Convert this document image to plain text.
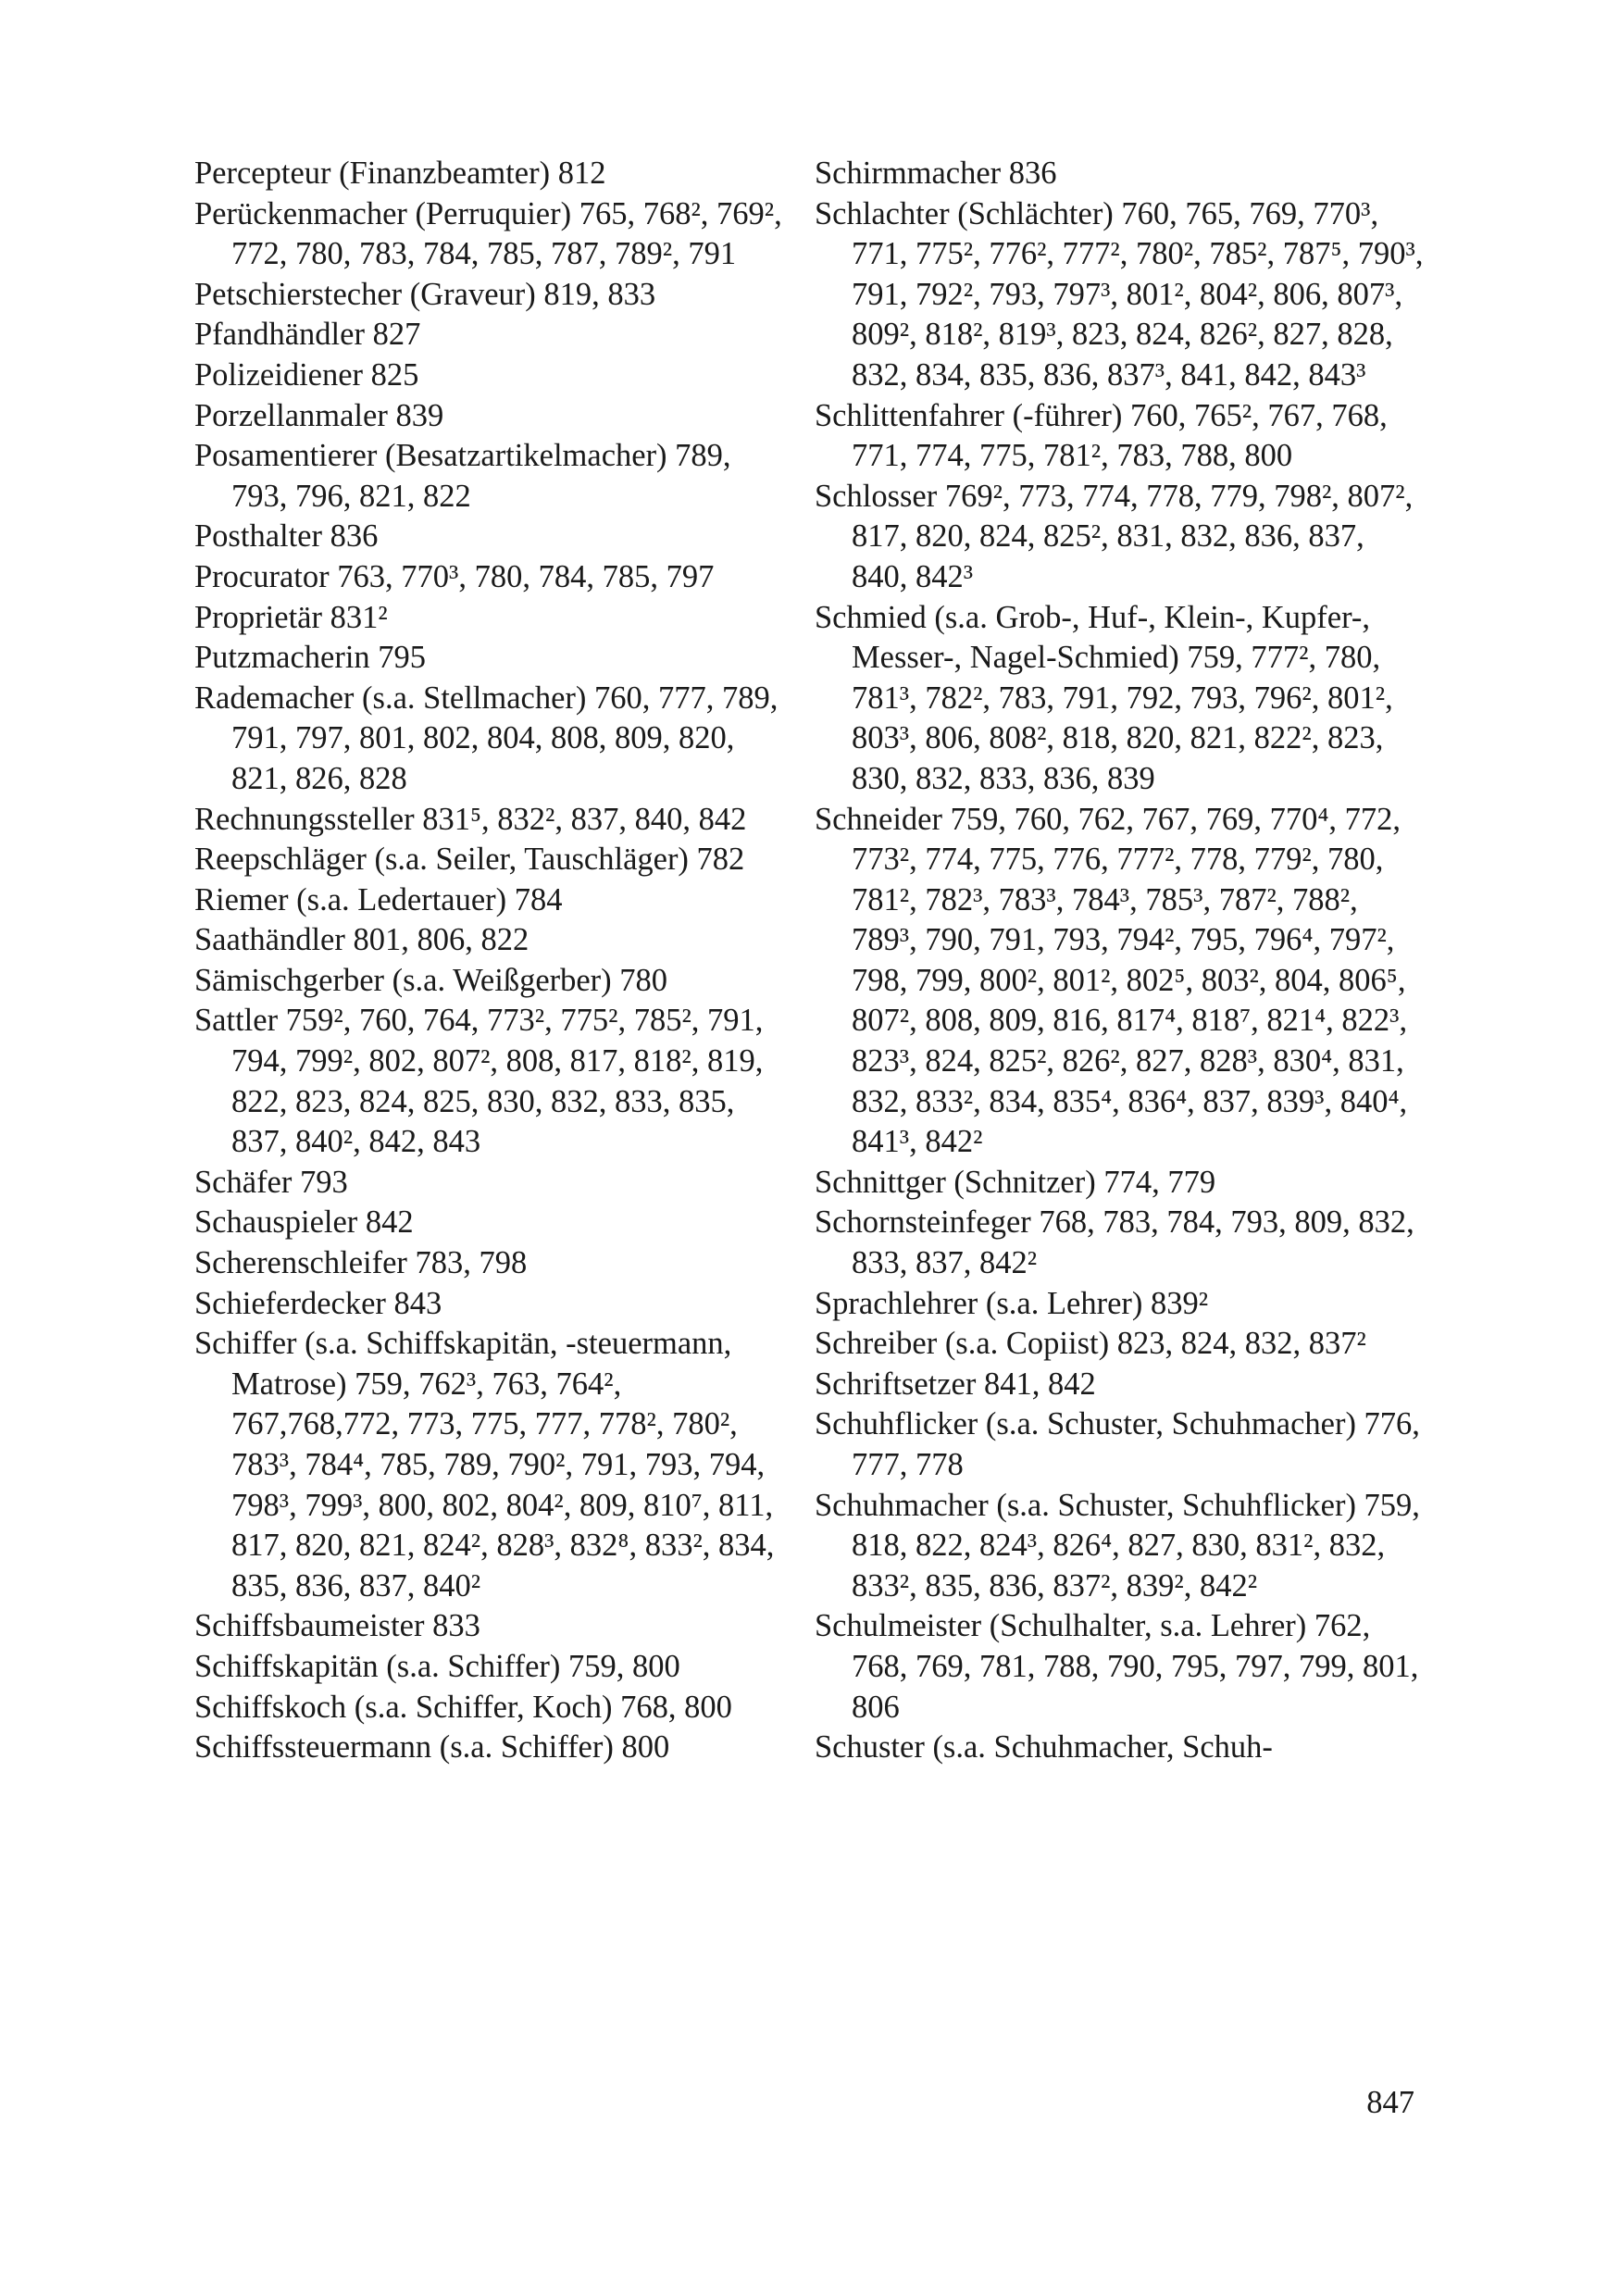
Percepteur (Finanzbeamter) 812

Perückenmacher (Perruquier) 765, 768², 769², 772, 780, 783, 784, 785, 787, 789², 791

Petschierstecher (Graveur) 819, 833

Pfandhändler 827

Polizeidiener 825

Porzellanmaler 839

Posamentierer (Besatzartikelmacher) 789, 793, 796, 821, 822

Posthalter 836

Procurator 763, 770³, 780, 784, 785, 797

Proprietär 831²

Putzmacherin 795

Rademacher (s.a. Stellmacher) 760, 777, 789, 791, 797, 801, 802, 804, 808, 809, 820, 821, 826, 828

Rechnungssteller 831⁵, 832², 837, 840, 842

Reepschläger (s.a. Seiler, Tauschläger) 782

Riemer (s.a. Ledertauer) 784

Saathändler 801, 806, 822

Sämischgerber (s.a. Weißgerber) 780

Sattler 759², 760, 764, 773², 775², 785², 791, 794, 799², 802, 807², 808, 817, 818², 819, 822, 823, 824, 825, 830, 832, 833, 835, 837, 840², 842, 843

Schäfer 793

Schauspieler 842

Scherenschleifer 783, 798

Schieferdecker 843

Schiffer (s.a. Schiffskapitän, -steuermann, Matrose) 759, 762³, 763, 764², 767,768,772, 773, 775, 777, 778², 780², 783³, 784⁴, 785, 789, 790², 791, 793, 794, 798³, 799³, 800, 802, 804², 809, 810⁷, 811, 817, 820, 821, 824², 828³, 832⁸, 833², 834, 835, 836, 837, 840²

Schiffsbaumeister 833

Schiffskapitän (s.a. Schiffer) 759, 800

Schiffskoch (s.a. Schiffer, Koch) 768, 800

Schiffssteuermann (s.a. Schiffer) 800

Schirmmacher 836

Schlachter (Schlächter) 760, 765, 769, 770³, 771, 775², 776², 777², 780², 785², 787⁵, 790³, 791, 792², 793, 797³, 801², 804², 806, 807³, 809², 818², 819³, 823, 824, 826², 827, 828, 832, 834, 835, 836, 837³, 841, 842, 843³

Schlittenfahrer (-führer) 760, 765², 767, 768, 771, 774, 775, 781², 783, 788, 800

Schlosser 769², 773, 774, 778, 779, 798², 807², 817, 820, 824, 825², 831, 832, 836, 837, 840, 842³

Schmied (s.a. Grob-, Huf-, Klein-, Kupfer-, Messer-, Nagel-Schmied) 759, 777², 780, 781³, 782², 783, 791, 792, 793, 796², 801², 803³, 806, 808², 818, 820, 821, 822², 823, 830, 832, 833, 836, 839

Schneider 759, 760, 762, 767, 769, 770⁴, 772, 773², 774, 775, 776, 777², 778, 779², 780, 781², 782³, 783³, 784³, 785³, 787², 788², 789³, 790, 791, 793, 794², 795, 796⁴, 797², 798, 799, 800², 801², 802⁵, 803², 804, 806⁵, 807², 808, 809, 816, 817⁴, 818⁷, 821⁴, 822³, 823³, 824, 825², 826², 827, 828³, 830⁴, 831, 832, 833², 834, 835⁴, 836⁴, 837, 839³, 840⁴, 841³, 842²

Schnittger (Schnitzer) 774, 779

Schornsteinfeger 768, 783, 784, 793, 809, 832, 833, 837, 842²

Sprachlehrer (s.a. Lehrer) 839²

Schreiber (s.a. Copiist) 823, 824, 832, 837²

Schriftsetzer 841, 842

Schuhflicker (s.a. Schuster, Schuhmacher) 776, 777, 778

Schuhmacher (s.a. Schuster, Schuhflicker) 759, 818, 822, 824³, 826⁴, 827, 830, 831², 832, 833², 835, 836, 837², 839², 842²

Schulmeister (Schulhalter, s.a. Lehrer) 762, 768, 769, 781, 788, 790, 795, 797, 799, 801, 806

Schuster (s.a. Schuhmacher, Schuh-

847
